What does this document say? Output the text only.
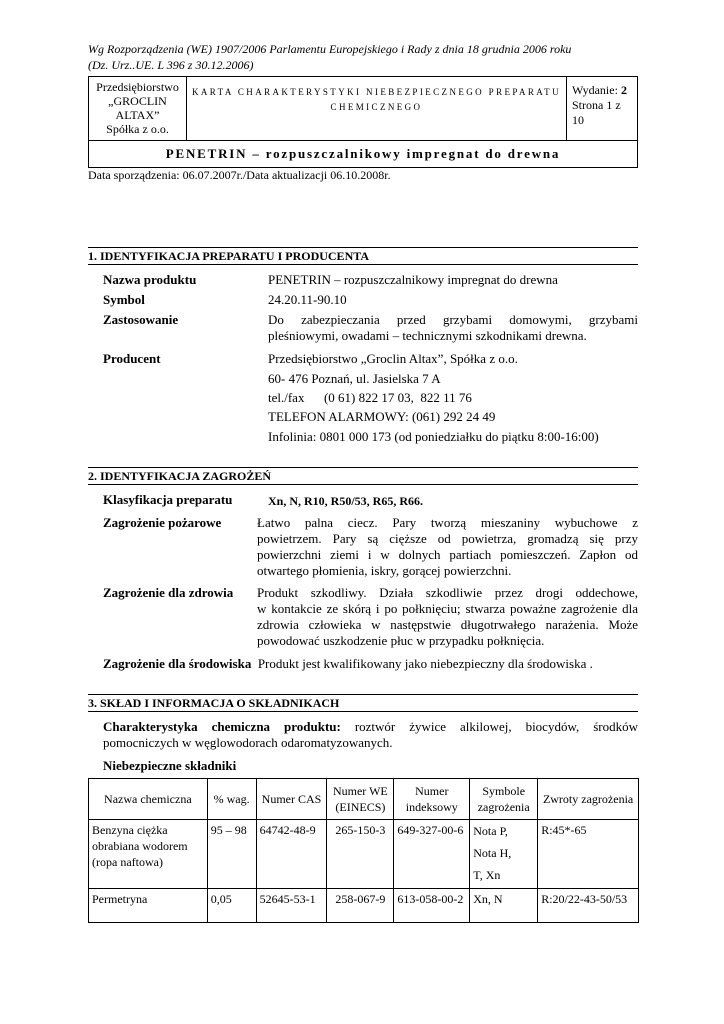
Wg Rozporządzenia (WE) 1907/2006 Parlamentu Europejskiego i Rady z dnia 18 grudnia 2006 roku
(Dz. Urz..UE. L 396 z 30.12.2006)
Przedsiębiorstwo
„GROCLIN
ALTAX”
Spółka z o.o.
KARTA CHARAKTERYSTYKI NIEBEZPIECZNEGO PREPARATU
CHEMICZNEGO
Wydanie: 2
Strona 1 z
10
PENETRIN – rozpuszczalnikowy impregnat do drewna
Data sporządzenia: 06.07.2007r./Data aktualizacji 06.10.2008r.
1. IDENTYFIKACJA PREPARATU I PRODUCENTA
Nazwa produktu	PENETRIN – rozpuszczalnikowy impregnat do drewna
Symbol	24.20.11-90.10
Zastosowanie	Do zabezpieczania przed grzybami domowymi, grzybami
pleśniowymi, owadami – technicznymi szkodnikami drewna.
Producent	Przedsiębiorstwo „Groclin Altax”, Spółka z o.o.
60- 476 Poznań, ul. Jasielska 7 A
tel./fax      (0 61) 822 17 03,  822 11 76
TELEFON ALARMOWY: (061) 292 24 49
Infolinia: 0801 000 173 (od poniedziałku do piątku 8:00-16:00)
2. IDENTYFIKACJA ZAGROŻEŃ
Klasyfikacja preparatu	Xn, N, R10, R50/53, R65, R66.
Zagrożenie pożarowe	Łatwo palna ciecz. Pary tworzą mieszaniny wybuchowe z
powietrzem. Pary są cięższe od powietrza, gromadzą się przy
powierzchni ziemi i w dolnych partiach pomieszczeń. Zapłon od
otwartego płomienia, iskry, gorącej powierzchni.
Zagrożenie dla zdrowia Produkt szkodliwy. Działa szkodliwie przez drogi oddechowe,
w kontakcie ze skórą i po połknięciu; stwarza poważne zagrożenie dla
zdrowia człowieka w następstwie długotrwałego narażenia. Może
powodować uszkodzenie płuc w przypadku połknięcia.
Zagrożenie dla środowiska Produkt jest kwalifikowany jako niebezpieczny dla środowiska .
3. SKŁAD I INFORMACJA O SKŁADNIKACH
Charakterystyka chemiczna produktu: roztwór żywice alkilowej, biocydów, środków
pomocniczych w węglowodorach odaromatyzowanych.
Niebezpieczne składniki
Nazwa chemiczna	% wag.	Numer CAS	Numer WE (EINECS)	Numer indeksowy	Symbole zagrożenia	Zwroty zagrożenia
Benzyna ciężka obrabiana wodorem (ropa naftowa)	95 – 98	64742-48-9	265-150-3	649-327-00-6	Nota P,
Nota H,
T, Xn	R:45*-65
Permetryna	0,05	52645-53-1	258-067-9	613-058-00-2	Xn, N	R:20/22-43-50/53
